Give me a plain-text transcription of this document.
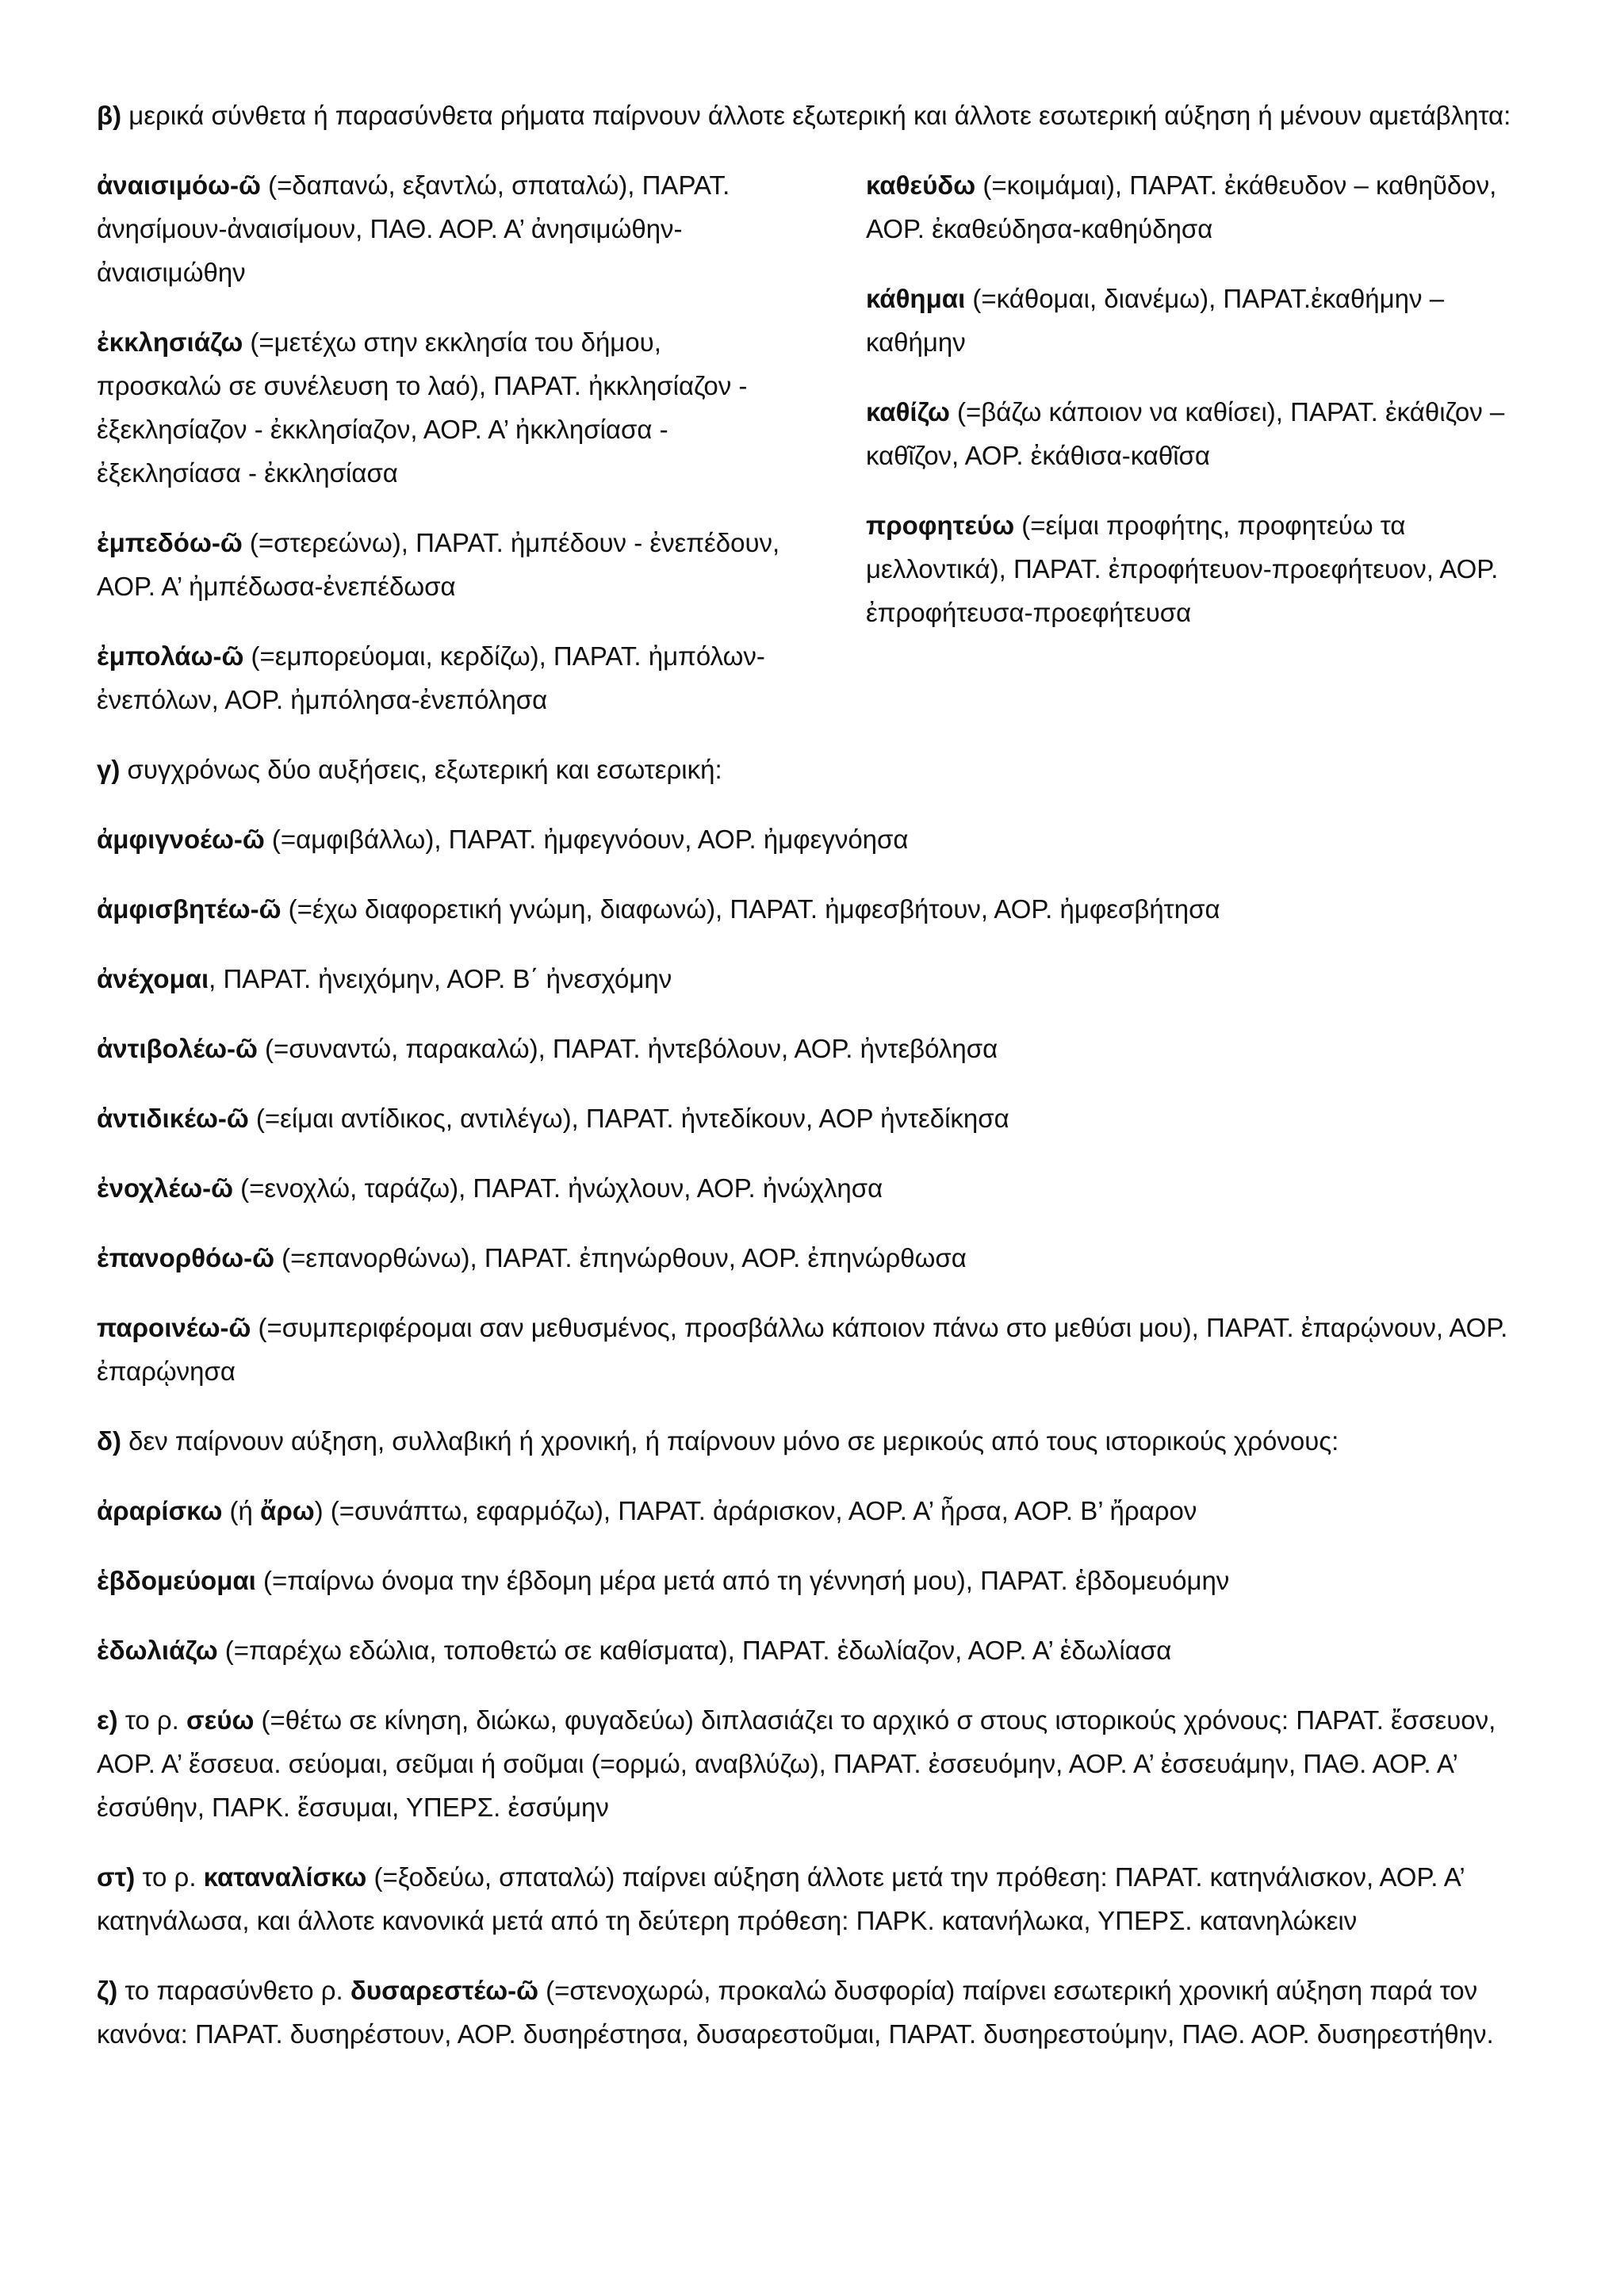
β) μερικά σύνθετα ή παρασύνθετα ρήματα παίρνουν άλλοτε εξωτερική και άλλοτε εσωτερική αύξηση ή μένουν αμετάβλητα:

ἀναισιμόω-ῶ (=δαπανώ, εξαντλώ, σπαταλώ), ΠΑΡΑΤ. ἀνησίμουν-ἀναισίμουν, ΠΑΘ. ΑΟΡ. Α’ ἀνησιμώθην-ἀναισιμώθην

ἐκκλησιάζω (=μετέχω στην εκκλησία του δήμου, προσκαλώ σε συνέλευση το λαό), ΠΑΡΑΤ. ἠκκλησίαζον - ἐξεκλησίαζον - ἐκκλησίαζον, ΑΟΡ. Α’ ἠκκλησίασα - ἐξεκλησίασα - ἐκκλησίασα

ἐμπεδόω-ῶ (=στερεώνω), ΠΑΡΑΤ. ἠμπέδουν - ἐνεπέδουν, ΑΟΡ. Α’ ἠμπέδωσα-ἐνεπέδωσα

ἐμπολάω-ῶ (=εμπορεύομαι, κερδίζω), ΠΑΡΑΤ. ἠμπόλων-ἐνεπόλων, ΑΟΡ. ἠμπόλησα-ἐνεπόλησα

καθεύδω (=κοιμάμαι), ΠΑΡΑΤ. ἐκάθευδον – καθηῦδον, ΑΟΡ. ἐκαθεύδησα-καθηύδησα

κάθημαι (=κάθομαι, διανέμω), ΠΑΡΑΤ.ἐκαθήμην – καθήμην

καθίζω (=βάζω κάποιον να καθίσει), ΠΑΡΑΤ. ἐκάθιζον – καθῖζον, ΑΟΡ. ἐκάθισα-καθῖσα

προφητεύω (=είμαι προφήτης, προφητεύω τα μελλοντικά), ΠΑΡΑΤ. ἐπροφήτευον-προεφήτευον, ΑΟΡ. ἐπροφήτευσα-προεφήτευσα

γ) συγχρόνως δύο αυξήσεις, εξωτερική και εσωτερική:

ἀμφιγνοέω-ῶ (=αμφιβάλλω), ΠΑΡΑΤ. ἠμφεγνόουν, ΑΟΡ. ἠμφεγνόησα

ἀμφισβητέω-ῶ (=έχω διαφορετική γνώμη, διαφωνώ), ΠΑΡΑΤ. ἠμφεσβήτουν, ΑΟΡ. ἠμφεσβήτησα

ἀνέχομαι, ΠΑΡΑΤ. ἠνειχόμην, ΑΟΡ. Β΄ ἠνεσχόμην

ἀντιβολέω-ῶ (=συναντώ, παρακαλώ), ΠΑΡΑΤ. ἠντεβόλουν, ΑΟΡ. ἠντεβόλησα

ἀντιδικέω-ῶ (=είμαι αντίδικος, αντιλέγω), ΠΑΡΑΤ. ἠντεδίκουν, ΑΟΡ ἠντεδίκησα

ἐνοχλέω-ῶ (=ενοχλώ, ταράζω), ΠΑΡΑΤ. ἠνώχλουν, ΑΟΡ. ἠνώχλησα

ἐπανορθόω-ῶ (=επανορθώνω), ΠΑΡΑΤ. ἐπηνώρθουν, ΑΟΡ. ἐπηνώρθωσα

παροινέω-ῶ (=συμπεριφέρομαι σαν μεθυσμένος, προσβάλλω κάποιον πάνω στο μεθύσι μου), ΠΑΡΑΤ. ἐπαρῴνουν, ΑΟΡ. ἐπαρῴνησα

δ) δεν παίρνουν αύξηση, συλλαβική ή χρονική, ή παίρνουν μόνο σε μερικούς από τους ιστορικούς χρόνους:

ἀραρίσκω (ή ἄρω) (=συνάπτω, εφαρμόζω), ΠΑΡΑΤ. ἀράρισκον, ΑΟΡ. Α’ ἦρσα, ΑΟΡ. Β’ ἤραρον

ἑβδομεύομαι (=παίρνω όνομα την έβδομη μέρα μετά από τη γέννησή μου), ΠΑΡΑΤ. ἑβδομευόμην

ἑδωλιάζω (=παρέχω εδώλια, τοποθετώ σε καθίσματα), ΠΑΡΑΤ. ἑδωλίαζον, ΑΟΡ. Α’ ἑδωλίασα

ε) το ρ. σεύω (=θέτω σε κίνηση, διώκω, φυγαδεύω) διπλασιάζει το αρχικό σ στους ιστορικούς χρόνους: ΠΑΡΑΤ. ἔσσευον, ΑΟΡ. Α’ ἔσσευα. σεύομαι, σεῦμαι ή σοῦμαι (=ορμώ, αναβλύζω), ΠΑΡΑΤ. ἐσσευόμην, ΑΟΡ. Α’ ἐσσευάμην, ΠΑΘ. ΑΟΡ. Α’ ἐσσύθην, ΠΑΡΚ. ἔσσυμαι, ΥΠΕΡΣ. ἐσσύμην

στ) το ρ. καταναλίσκω (=ξοδεύω, σπαταλώ) παίρνει αύξηση άλλοτε μετά την πρόθεση: ΠΑΡΑΤ. κατηνάλισκον, ΑΟΡ. Α’ κατηνάλωσα, και άλλοτε κανονικά μετά από τη δεύτερη πρόθεση: ΠΑΡΚ. κατανήλωκα, ΥΠΕΡΣ. κατανηλώκειν

ζ) το παρασύνθετο ρ. δυσαρεστέω-ῶ (=στενοχωρώ, προκαλώ δυσφορία) παίρνει εσωτερική χρονική αύξηση παρά τον κανόνα: ΠΑΡΑΤ. δυσηρέστουν, ΑΟΡ. δυσηρέστησα, δυσαρεστοῦμαι, ΠΑΡΑΤ. δυσηρεστούμην, ΠΑΘ. ΑΟΡ. δυσηρεστήθην.
